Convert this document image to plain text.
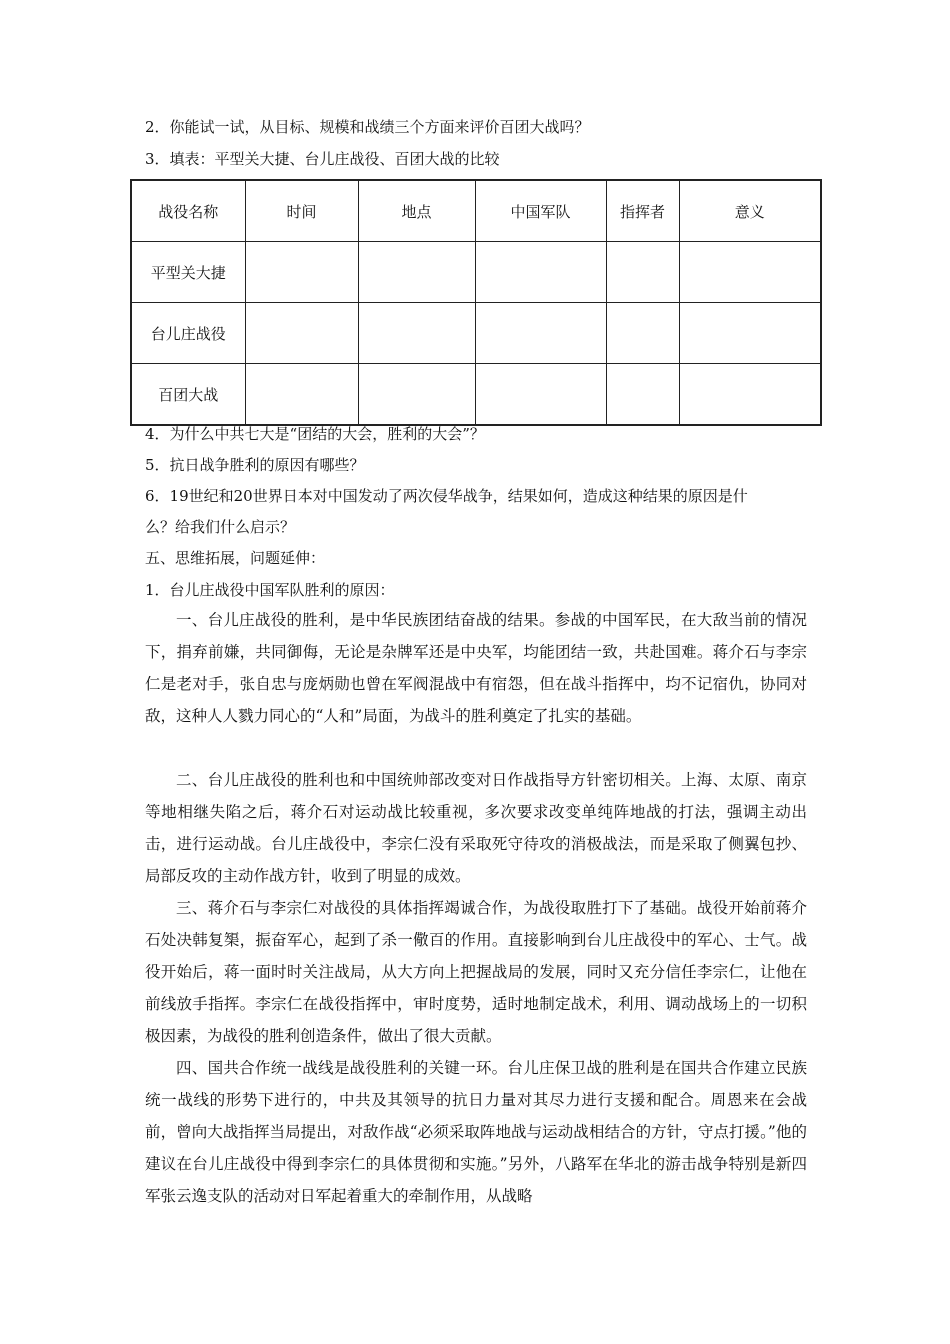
2．你能试一试，从目标、规模和战绩三个方面来评价百团大战吗？
3．填表：平型关大捷、台儿庄战役、百团大战的比较
战役名称	时间	地点	中国军队	指挥者	意义
平型关大捷					
台儿庄战役					
百团大战					
4．为什么中共七大是“团结的大会，胜利的大会”？
5．抗日战争胜利的原因有哪些？
6．19世纪和20世界日本对中国发动了两次侵华战争，结果如何，造成这种结果的原因是什
么？给我们什么启示？
五、思维拓展，问题延伸：
1．台儿庄战役中国军队胜利的原因：

一、台儿庄战役的胜利，是中华民族团结奋战的结果。参战的中国军民，在大敌当前的情况下，捐弃前嫌，共同御侮，无论是杂牌军还是中央军，均能团结一致，共赴国难。蒋介石与李宗仁是老对手，张自忠与庞炳勋也曾在军阀混战中有宿怨，但在战斗指挥中，均不记宿仇，协同对敌，这种人人戮力同心的“人和”局面，为战斗的胜利奠定了扎实的基础。

二、台儿庄战役的胜利也和中国统帅部改变对日作战指导方针密切相关。上海、太原、南京等地相继失陷之后，蒋介石对运动战比较重视，多次要求改变单纯阵地战的打法，强调主动出击，进行运动战。台儿庄战役中，李宗仁没有采取死守待攻的消极战法，而是采取了侧翼包抄、局部反攻的主动作战方针，收到了明显的成效。

三、蒋介石与李宗仁对战役的具体指挥竭诚合作，为战役取胜打下了基础。战役开始前蒋介石处决韩复榘，振奋军心，起到了杀一儆百的作用。直接影响到台儿庄战役中的军心、士气。战役开始后，蒋一面时时关注战局，从大方向上把握战局的发展，同时又充分信任李宗仁，让他在前线放手指挥。李宗仁在战役指挥中，审时度势，适时地制定战术，利用、调动战场上的一切积极因素，为战役的胜利创造条件，做出了很大贡献。

四、国共合作统一战线是战役胜利的关键一环。台儿庄保卫战的胜利是在国共合作建立民族统一战线的形势下进行的，中共及其领导的抗日力量对其尽力进行支援和配合。周恩来在会战前，曾向大战指挥当局提出，对敌作战“必须采取阵地战与运动战相结合的方针，守点打援。”他的建议在台儿庄战役中得到李宗仁的具体贯彻和实施。”另外，八路军在华北的游击战争特别是新四军张云逸支队的活动对日军起着重大的牵制作用，从战略
